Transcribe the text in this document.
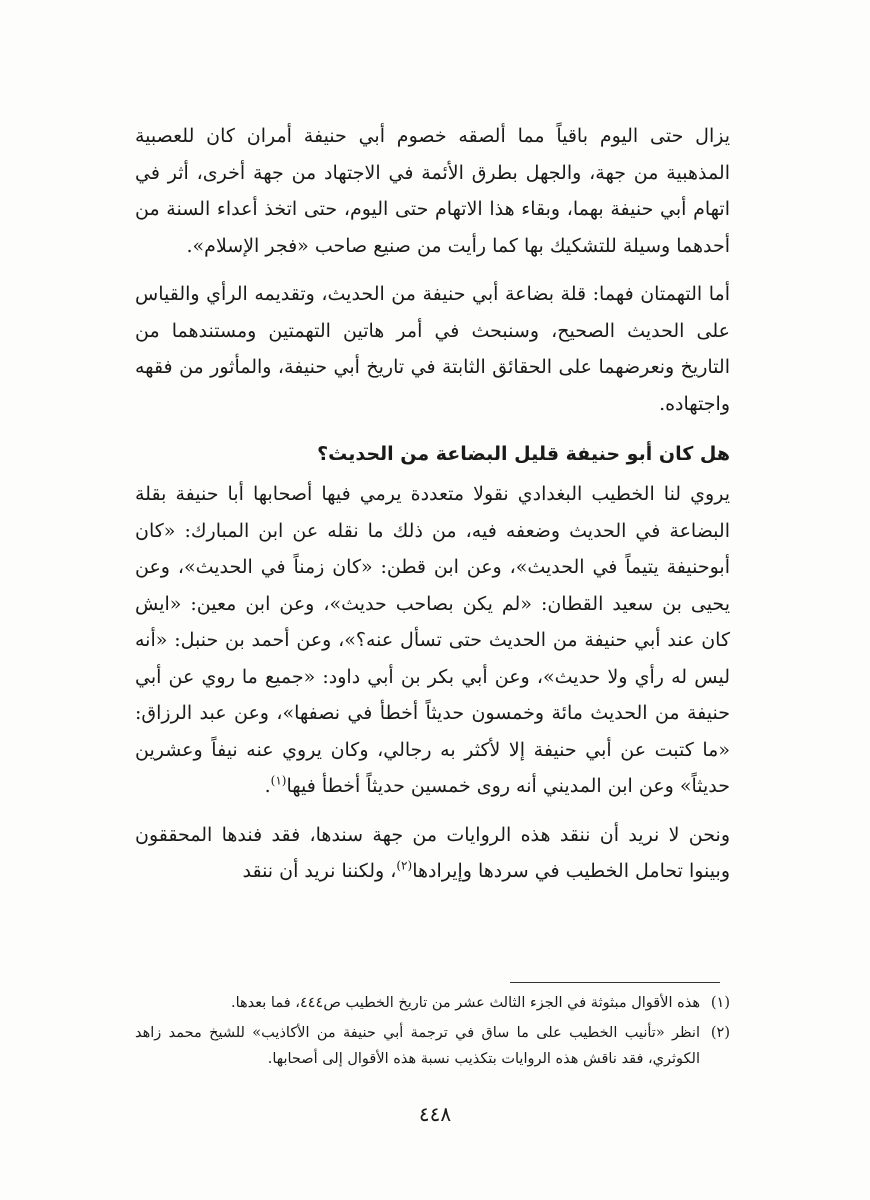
يزال حتى اليوم باقياً مما ألصقه خصوم أبي حنيفة أمران كان للعصبية المذهبية من جهة، والجهل بطرق الأئمة في الاجتهاد من جهة أخرى، أثر في اتهام أبي حنيفة بهما، وبقاء هذا الاتهام حتى اليوم، حتى اتخذ أعداء السنة من أحدهما وسيلة للتشكيك بها كما رأيت من صنيع صاحب «فجر الإسلام».

أما التهمتان فهما: قلة بضاعة أبي حنيفة من الحديث، وتقديمه الرأي والقياس على الحديث الصحيح، وسنبحث في أمر هاتين التهمتين ومستندهما من التاريخ ونعرضهما على الحقائق الثابتة في تاريخ أبي حنيفة، والمأثور من فقهه واجتهاده.

هل كان أبو حنيفة قليل البضاعة من الحديث؟

يروي لنا الخطيب البغدادي نقولا متعددة يرمي فيها أصحابها أبا حنيفة بقلة البضاعة في الحديث وضعفه فيه، من ذلك ما نقله عن ابن المبارك: «كان أبوحنيفة يتيماً في الحديث»، وعن ابن قطن: «كان زمناً في الحديث»، وعن يحيى بن سعيد القطان: «لم يكن بصاحب حديث»، وعن ابن معين: «ايش كان عند أبي حنيفة من الحديث حتى تسأل عنه؟»، وعن أحمد بن حنبل: «أنه ليس له رأي ولا حديث»، وعن أبي بكر بن أبي داود: «جميع ما روي عن أبي حنيفة من الحديث مائة وخمسون حديثاً أخطأ في نصفها»، وعن عبد الرزاق: «ما كتبت عن أبي حنيفة إلا لأكثر به رجالي، وكان يروي عنه نيفاً وعشرين حديثاً» وعن ابن المديني أنه روى خمسين حديثاً أخطأ فيها$^{(١)}$.

ونحن لا نريد أن ننقد هذه الروايات من جهة سندها، فقد فندها المحققون وبينوا تحامل الخطيب في سردها وإيرادها$^{(٢)}$، ولكننا نريد أن ننقد

(١)
هذه الأقوال مبثوثة في الجزء الثالث عشر من تاريخ الخطيب ص٤٤٤، فما بعدها.
(٢)
انظر «تأنيب الخطيب على ما ساق في ترجمة أبي حنيفة من الأكاذيب» للشيخ محمد زاهد الكوثري، فقد ناقش هذه الروايات بتكذيب نسبة هذه الأقوال إلى أصحابها.
٤٤٨
